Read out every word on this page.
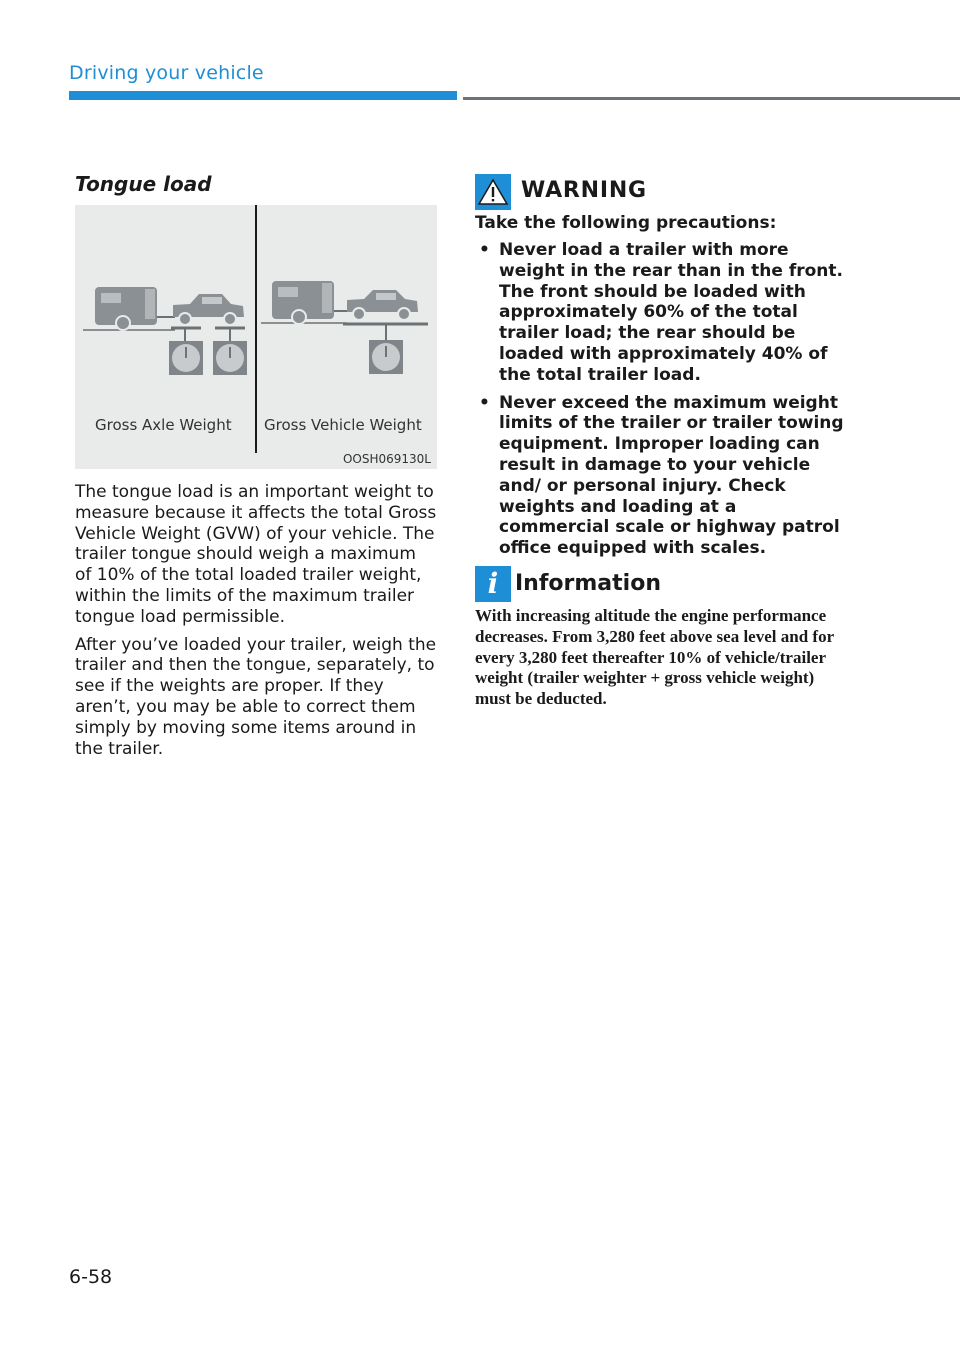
Driving your vehicle
Tongue load
Gross Axle Weight Gross Vehicle Weight
OOSH069130L

The tongue load is an important weight to measure because it affects the total Gross Vehicle Weight (GVW) of your vehicle. The trailer tongue should weigh a maximum of 10% of the total loaded trailer weight, within the limits of the maximum trailer tongue load permissible.

After you’ve loaded your trailer, weigh the trailer and then the tongue, separately, to see if the weights are proper. If they aren’t, you may be able to correct them simply by moving some items around in the trailer.

WARNING
Take the following precautions:
• Never load a trailer with more weight in the rear than in the front. The front should be loaded with approximately 60% of the total trailer load; the rear should be loaded with approximately 40% of the total trailer load.
• Never exceed the maximum weight limits of the trailer or trailer towing equipment. Improper loading can result in damage to your vehicle and/ or personal injury. Check weights and loading at a commercial scale or highway patrol office equipped with scales.
i Information
With increasing altitude the engine performance decreases. From 3,280 feet above sea level and for every 3,280 feet thereafter 10% of vehicle/trailer weight (trailer weighter + gross vehicle weight) must be deducted.
6-58
